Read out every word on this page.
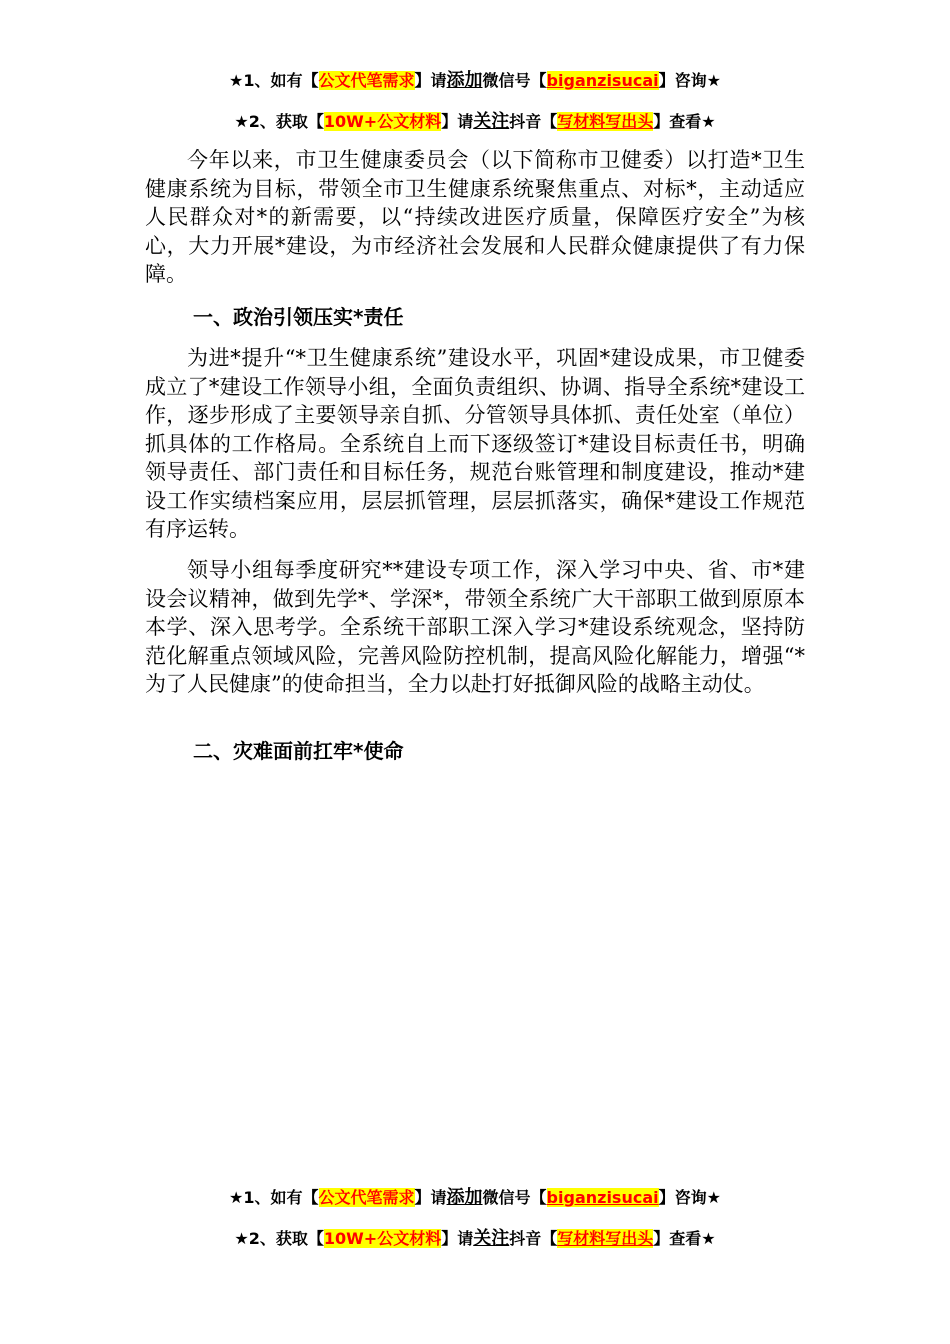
★1、如有【公文代笔需求】请添加微信号【biganzisucai】咨询★
★2、获取【10W+公文材料】请关注抖音【写材料写出头】查看★

今年以来，市卫生健康委员会（以下简称市卫健委）以打造*卫生健康系统为目标，带领全市卫生健康系统聚焦重点、对标*，主动适应人民群众对*的新需要，以“持续改进医疗质量，保障医疗安全”为核心，大力开展*建设，为市经济社会发展和人民群众健康提供了有力保障。

一、政治引领压实*责任

为进*提升“*卫生健康系统”建设水平，巩固*建设成果，市卫健委成立了*建设工作领导小组，全面负责组织、协调、指导全系统*建设工作，逐步形成了主要领导亲自抓、分管领导具体抓、责任处室（单位）抓具体的工作格局。全系统自上而下逐级签订*建设目标责任书，明确领导责任、部门责任和目标任务，规范台账管理和制度建设，推动*建设工作实绩档案应用，层层抓管理，层层抓落实，确保*建设工作规范有序运转。

领导小组每季度研究**建设专项工作，深入学习中央、省、市*建设会议精神，做到先学*、学深*，带领全系统广大干部职工做到原原本本学、深入思考学。全系统干部职工深入学习*建设系统观念，坚持防范化解重点领域风险，完善风险防控机制，提高风险化解能力，增强“*为了人民健康”的使命担当，全力以赴打好抵御风险的战略主动仗。

二、灾难面前扛牢*使命

★1、如有【公文代笔需求】请添加微信号【biganzisucai】咨询★
★2、获取【10W+公文材料】请关注抖音【写材料写出头】查看★
